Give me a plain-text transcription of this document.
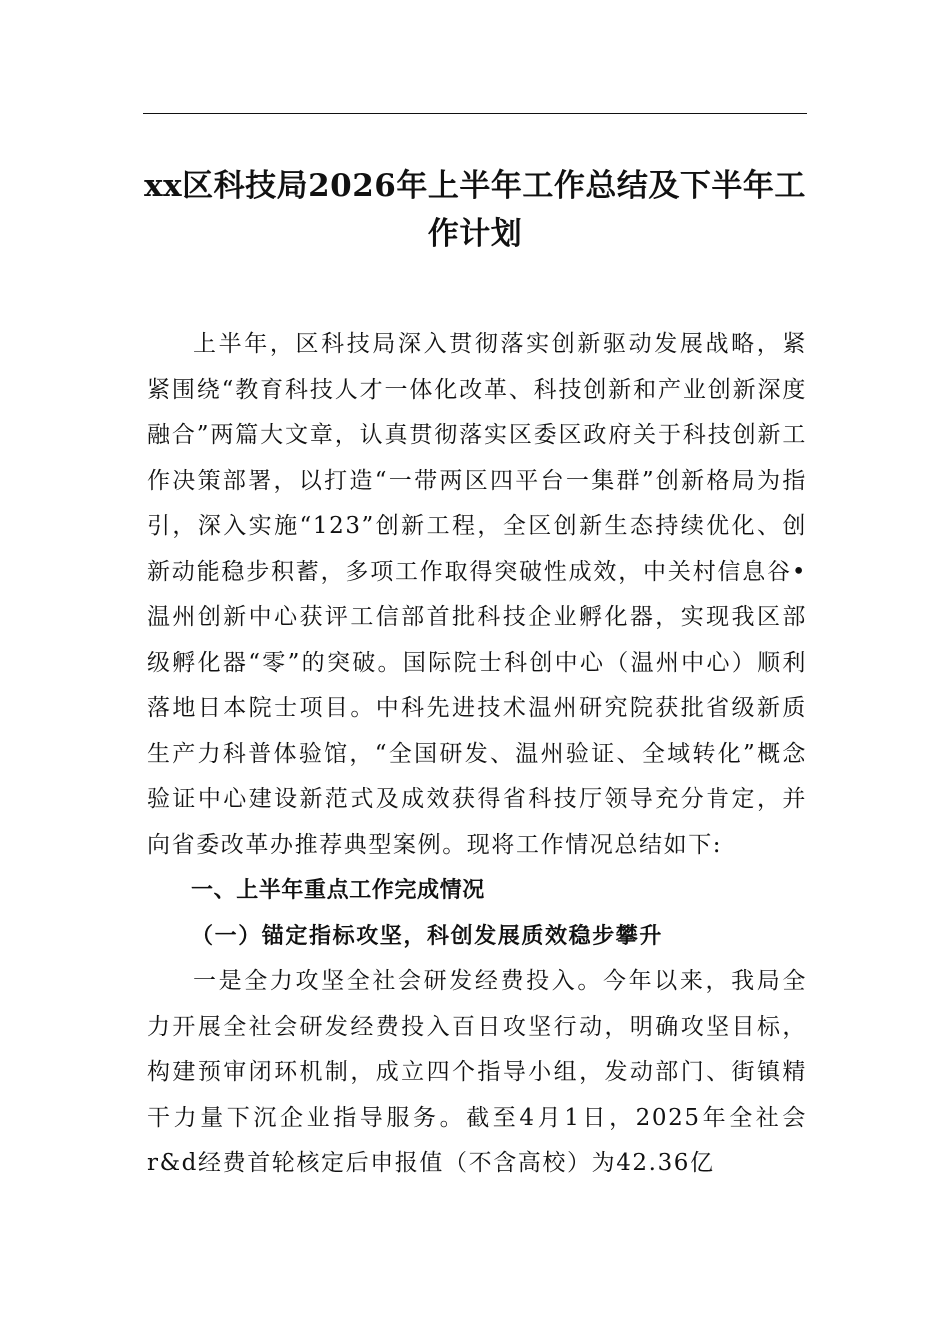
xx区科技局2026年上半年工作总结及下半年工作计划

上半年，区科技局深入贯彻落实创新驱动发展战略，紧紧围绕“教育科技人才一体化改革、科技创新和产业创新深度融合”两篇大文章，认真贯彻落实区委区政府关于科技创新工作决策部署，以打造“一带两区四平台一集群”创新格局为指引，深入实施“123”创新工程，全区创新生态持续优化、创新动能稳步积蓄，多项工作取得突破性成效，中关村信息谷•温州创新中心获评工信部首批科技企业孵化器，实现我区部级孵化器“零”的突破。国际院士科创中心（温州中心）顺利落地日本院士项目。中科先进技术温州研究院获批省级新质生产力科普体验馆，“全国研发、温州验证、全域转化”概念验证中心建设新范式及成效获得省科技厅领导充分肯定，并向省委改革办推荐典型案例。现将工作情况总结如下:

一、上半年重点工作完成情况

（一）锚定指标攻坚，科创发展质效稳步攀升

一是全力攻坚全社会研发经费投入。今年以来，我局全力开展全社会研发经费投入百日攻坚行动，明确攻坚目标，构建预审闭环机制，成立四个指导小组，发动部门、街镇精干力量下沉企业指导服务。截至4月1日，2025年全社会r&d经费首轮核定后申报值（不含高校）为42.36亿
